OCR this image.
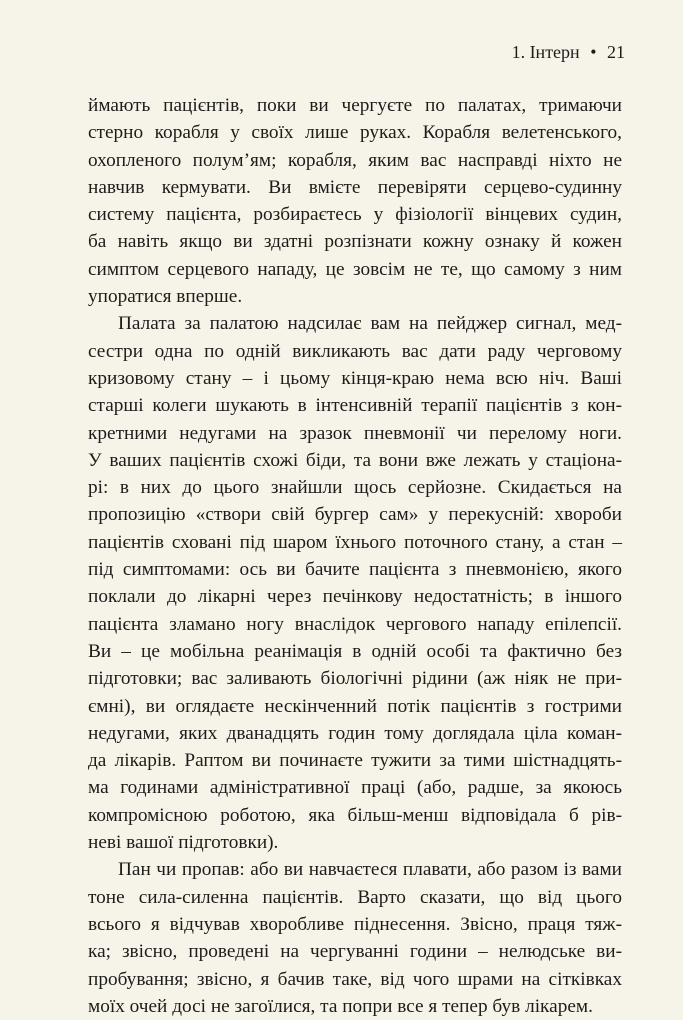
1. Інтерн • 21
ймають пацієнтів, поки ви чергуєте по палатах, тримаючи
стерно корабля у своїх лише руках. Корабля велетенського,
охопленого полум’ям; корабля, яким вас насправді ніхто не
навчив кермувати. Ви вмієте перевіряти серцево-судинну
систему пацієнта, розбираєтесь у фізіології вінцевих судин,
ба навіть якщо ви здатні розпізнати кожну ознаку й кожен
симптом серцевого нападу, це зовсім не те, що самому з ним
упоратися вперше.
Палата за палатою надсилає вам на пейджер сигнал, мед-
сестри одна по одній викликають вас дати раду черговому
кризовому стану – і цьому кінця-краю нема всю ніч. Ваші
старші колеги шукають в інтенсивній терапії пацієнтів з кон-
кретними недугами на зразок пневмонії чи перелому ноги.
У ваших пацієнтів схожі біди, та вони вже лежать у стаціона-
рі: в них до цього знайшли щось серйозне. Скидається на
пропозицію «створи свій бургер сам» у перекусній: хвороби
пацієнтів сховані під шаром їхнього поточного стану, а стан –
під симптомами: ось ви бачите пацієнта з пневмонією, якого
поклали до лікарні через печінкову недостатність; в іншого
пацієнта зламано ногу внаслідок чергового нападу епілепсії.
Ви – це мобільна реанімація в одній особі та фактично без
підготовки; вас заливають біологічні рідини (аж ніяк не при-
ємні), ви оглядаєте нескінченний потік пацієнтів з гострими
недугами, яких дванадцять годин тому доглядала ціла коман-
да лікарів. Раптом ви починаєте тужити за тими шістнадцять-
ма годинами адміністративної праці (або, радше, за якоюсь
компромісною роботою, яка більш-менш відповідала б рів-
неві вашої підготовки).
Пан чи пропав: або ви навчаєтеся плавати, або разом із вами
тоне сила-силенна пацієнтів. Варто сказати, що від цього
всього я відчував хворобливе піднесення. Звісно, праця тяж-
ка; звісно, проведені на чергуванні години – нелюдське ви-
пробування; звісно, я бачив таке, від чого шрами на сітківках
моїх очей досі не загоїлися, та попри все я тепер був лікарем.
